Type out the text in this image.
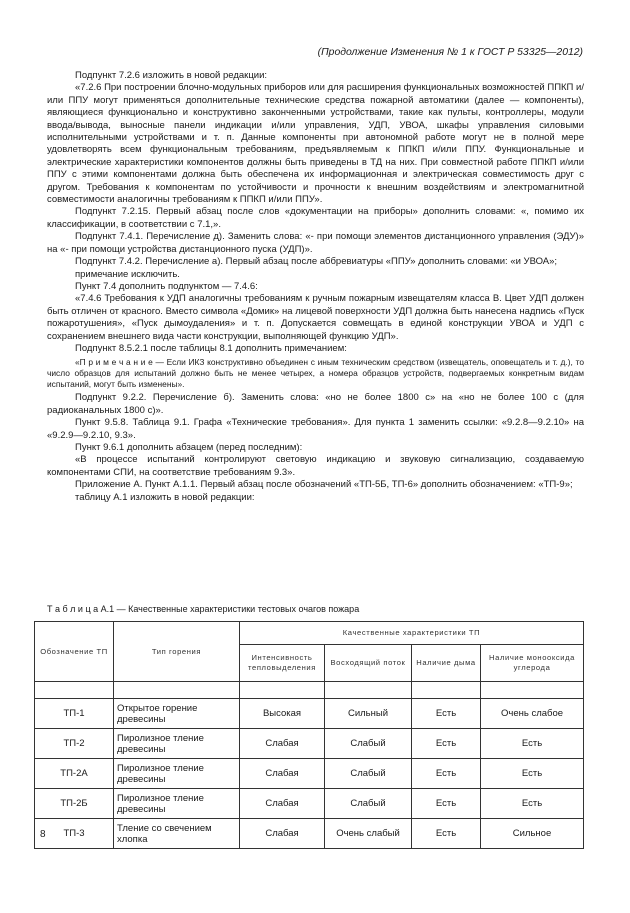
(Продолжение Изменения № 1 к ГОСТ Р 53325—2012)

Подпункт 7.2.6 изложить в новой редакции:

«7.2.6 При построении блочно-модульных приборов или для расширения функциональных возможностей ППКП и/или ППУ могут применяться дополнительные технические средства пожарной автоматики (далее — компоненты), являющиеся функционально и конструктивно законченными устройствами, такие как пульты, контроллеры, модули ввода/вывода, выносные панели индикации и/или управления, УДП, УВОА, шкафы управления силовыми исполнительными устройствами и т. п. Данные компоненты при автономной работе могут не в полной мере удовлетворять всем функциональным требованиям, предъявляемым к ППКП и/или ППУ. Функциональные и электрические характеристики компонентов должны быть приведены в ТД на них. При совместной работе ППКП и/или ППУ с этими компонентами должна быть обеспечена их информационная и электрическая совместимость друг с другом. Требования к компонентам по устойчивости и прочности к внешним воздействиям и электромагнитной совместимости аналогичны требованиям к ППКП и/или ППУ».

Подпункт 7.2.15. Первый абзац после слов «документации на приборы» дополнить словами: «, помимо их классификации, в соответствии с 7.1,».

Подпункт 7.4.1. Перечисление д). Заменить слова: «- при помощи элементов дистанционного управления (ЭДУ)» на «- при помощи устройства дистанционного пуска (УДП)».

Подпункт 7.4.2. Перечисление а). Первый абзац после аббревиатуры «ППУ» дополнить словами: «и УВОА»;

примечание исключить.

Пункт 7.4 дополнить подпунктом — 7.4.6:

«7.4.6 Требования к УДП аналогичны требованиям к ручным пожарным извещателям класса В. Цвет УДП должен быть отличен от красного. Вместо символа «Домик» на лицевой поверхности УДП должна быть нанесена надпись «Пуск пожаротушения», «Пуск дымоудаления» и т. п. Допускается совмещать в единой конструкции УВОА и УДП с сохранением внешнего вида части конструкции, выполняющей функцию УДП».

Подпункт 8.5.2.1 после таблицы 8.1 дополнить примечанием:

«П р и м е ч а н и е — Если ИКЗ конструктивно объединен с иным техническим средством (извещатель, оповещатель и т. д.), то число образцов для испытаний должно быть не менее четырех, а номера образцов устройств, подвергаемых конкретным видам испытаний, могут быть изменены».

Подпункт 9.2.2. Перечисление б). Заменить слова: «но не более 1800 с» на «но не более 100 с (для радиоканальных 1800 с)».

Пункт 9.5.8. Таблица 9.1. Графа «Технические требования». Для пункта 1 заменить ссылки: «9.2.8—9.2.10» на «9.2.9—9.2.10, 9.3».

Пункт 9.6.1 дополнить абзацем (перед последним):

«В процессе испытаний контролируют световую индикацию и звуковую сигнализацию, создаваемую компонентами СПИ, на соответствие требованиям 9.3».

Приложение А. Пункт А.1.1. Первый абзац после обозначений «ТП-5Б, ТП-6» дополнить обозначением: «ТП-9»;

таблицу А.1 изложить в новой редакции:

Т а б л и ц а А.1 — Качественные характеристики тестовых очагов пожара
Обозначение ТП	Тип горения	Качественные характеристики ТП			
		Интенсивность тепловыделения	Восходящий поток	Наличие дыма	Наличие монооксида углерода

ТП-1	Открытое горение древесины	Высокая	Сильный	Есть	Очень слабое
ТП-2	Пиролизное тление древесины	Слабая	Слабый	Есть	Есть
ТП-2А	Пиролизное тление древесины	Слабая	Слабый	Есть	Есть
ТП-2Б	Пиролизное тление древесины	Слабая	Слабый	Есть	Есть
ТП-3	Тление со свечением хлопка	Слабая	Очень слабый	Есть	Сильное
8
